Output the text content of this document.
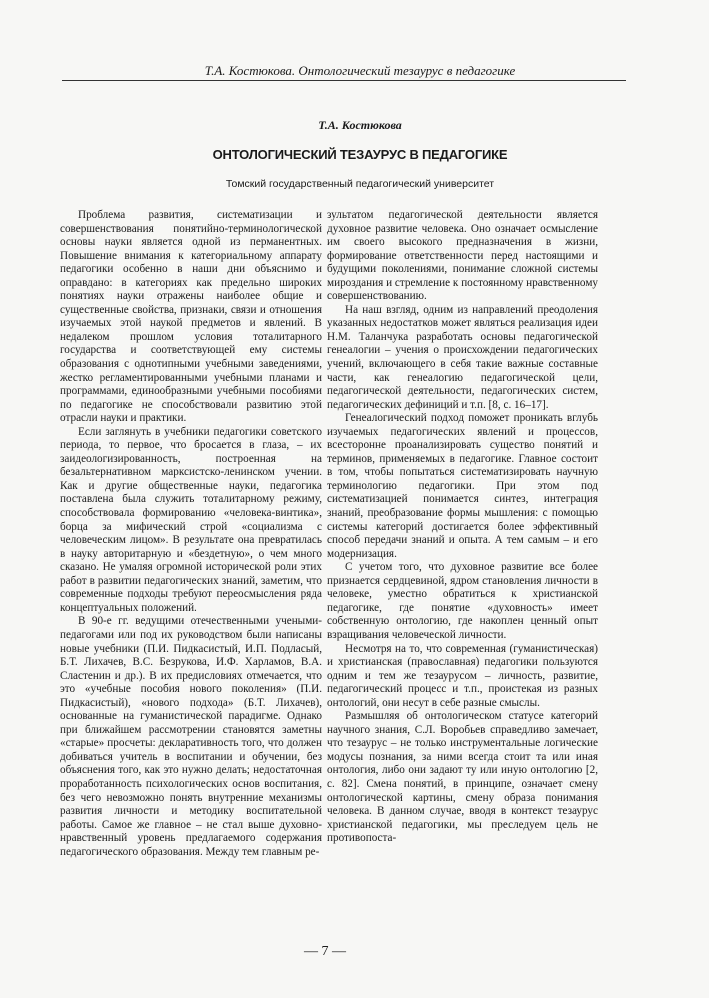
Т.А. Костюкова. Онтологический тезаурус в педагогике
Т.А. Костюкова
ОНТОЛОГИЧЕСКИЙ ТЕЗАУРУС В ПЕДАГОГИКЕ
Томский государственный педагогический университет

Проблема развития, систематизации и совершенствования понятийно-терминологической основы науки является одной из перманентных. Повышение внимания к категориальному аппарату педагогики особенно в наши дни объяснимо и оправдано: в категориях как предельно широких понятиях науки отражены наиболее общие и существенные свойства, признаки, связи и отношения изучаемых этой наукой предметов и явлений. В недалеком прошлом условия тоталитарного государства и соответствующей ему системы образования с однотипными учебными заведениями, жестко регламентированными учебными планами и программами, единообразными учебными пособиями по педагогике не способствовали развитию этой отрасли науки и практики.

Если заглянуть в учебники педагогики советского периода, то первое, что бросается в глаза, – их заидеологизированность, построенная на безальтернативном марксистско-ленинском учении. Как и другие общественные науки, педагогика поставлена была служить тоталитарному режиму, способствовала формированию «человека-винтика», борца за мифический строй «социализма с человеческим лицом». В результате она превратилась в науку авторитарную и «бездетную», о чем много сказано. Не умаляя огромной исторической роли этих работ в развитии педагогических знаний, заметим, что современные подходы требуют переосмысления ряда концептуальных положений.

В 90-е гг. ведущими отечественными учеными-педагогами или под их руководством были написаны новые учебники (П.И. Пидкасистый, И.П. Подласый, Б.Т. Лихачев, В.С. Безрукова, И.Ф. Харламов, В.А. Сластенин и др.). В их предисловиях отмечается, что это «учебные пособия нового поколения» (П.И. Пидкасистый), «нового подхода» (Б.Т. Лихачев), основанные на гуманистической парадигме. Однако при ближайшем рассмотрении становятся заметны «старые» просчеты: декларативность того, что должен добиваться учитель в воспитании и обучении, без объяснения того, как это нужно делать; недостаточная проработанность психологических основ воспитания, без чего невозможно понять внутренние механизмы развития личности и методику воспитательной работы. Самое же главное – не стал выше духовно-нравственный уровень предлагаемого содержания педагогического образования. Между тем главным ре-

зультатом педагогической деятельности является духовное развитие человека. Оно означает осмысление им своего высокого предназначения в жизни, формирование ответственности перед настоящими и будущими поколениями, понимание сложной системы мироздания и стремление к постоянному нравственному совершенствованию.

На наш взгляд, одним из направлений преодоления указанных недостатков может являться реализация идеи Н.М. Таланчука разработать основы педагогической генеалогии – учения о происхождении педагогических учений, включающего в себя такие важные составные части, как генеалогию педагогической цели, педагогической деятельности, педагогических систем, педагогических дефиниций и т.п. [8, с. 16–17].

Генеалогический подход поможет проникать вглубь изучаемых педагогических явлений и процессов, всесторонне проанализировать существо понятий и терминов, применяемых в педагогике. Главное состоит в том, чтобы попытаться систематизировать научную терминологию педагогики. При этом под систематизацией понимается синтез, интеграция знаний, преобразование формы мышления: с помощью системы категорий достигается более эффективный способ передачи знаний и опыта. А тем самым – и его модернизация.

С учетом того, что духовное развитие все более признается сердцевиной, ядром становления личности в человеке, уместно обратиться к христианской педагогике, где понятие «духовность» имеет собственную онтологию, где накоплен ценный опыт взращивания человеческой личности.

Несмотря на то, что современная (гуманистическая) и христианская (православная) педагогики пользуются одним и тем же тезаурусом – личность, развитие, педагогический процесс и т.п., проистекая из разных онтологий, они несут в себе разные смыслы.

Размышляя об онтологическом статусе категорий научного знания, С.Л. Воробьев справедливо замечает, что тезаурус – не только инструментальные логические модусы познания, за ними всегда стоит та или иная онтология, либо они задают ту или иную онтологию [2, с. 82]. Смена понятий, в принципе, означает смену онтологической картины, смену образа понимания человека. В данном случае, вводя в контекст тезаурус христианской педагогики, мы преследуем цель не противопоста-

— 7 —
